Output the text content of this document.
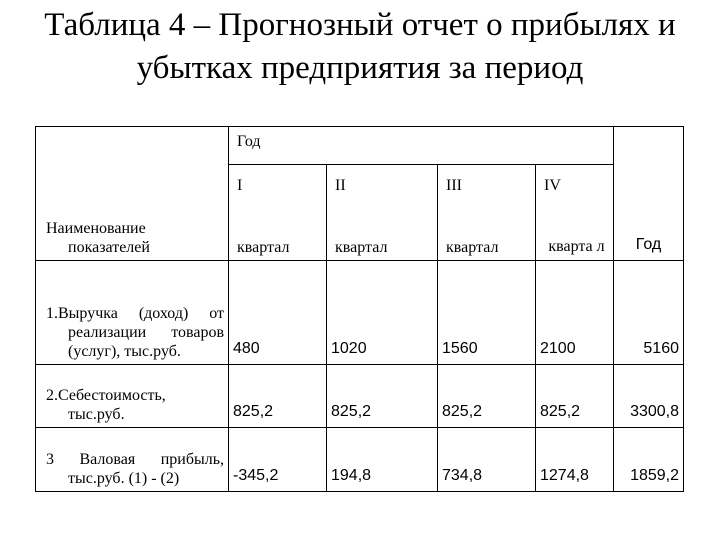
Таблица 4 – Прогнозный отчет о прибылях и убытках предприятия за период
Наименование показателей	Год				Год
	I	II	III	IV	
	квартал	квартал	квартал	кварта л	

1.Выручка (доход) от реализации товаров (услуг), тыс.руб.	480	1020	1560	2100	5160

2.Себестоимость, тыс.руб.	825,2	825,2	825,2	825,2	3300,8

3 Валовая прибыль, тыс.руб. (1) - (2)	-345,2	194,8	734,8	1274,8	1859,2
